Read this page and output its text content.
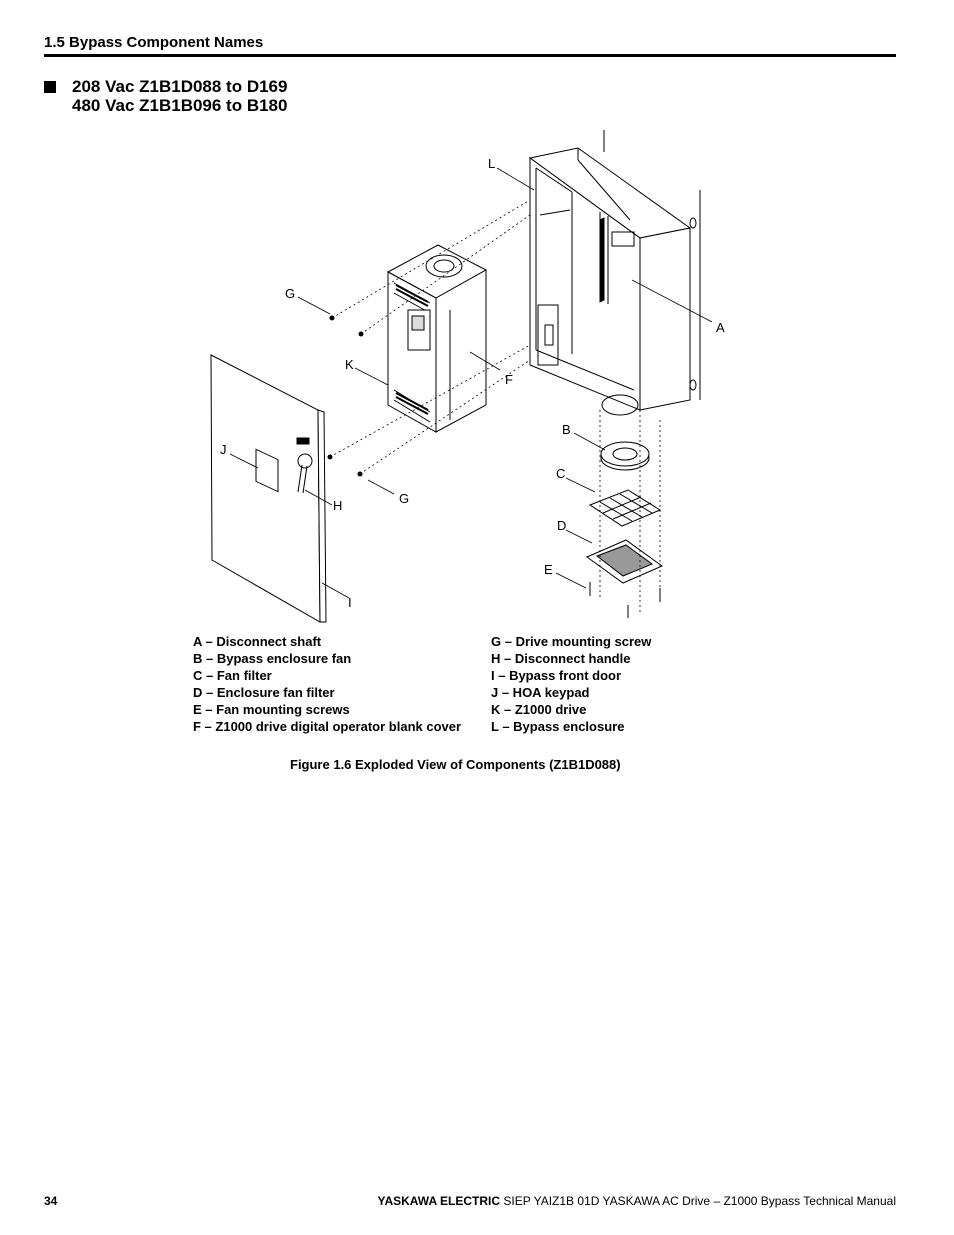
1.5 Bypass Component Names
208 Vac Z1B1D088 to D169
480 Vac Z1B1B096 to B180
L
A
G
K
F
B
J
C
G
H
D
E
I
A – Disconnect shaft
B – Bypass enclosure fan
C – Fan filter
D – Enclosure fan filter
E – Fan mounting screws
F – Z1000 drive digital operator blank cover
G – Drive mounting screw
H – Disconnect handle
I – Bypass front door
J – HOA keypad
K – Z1000 drive
L – Bypass enclosure
Figure 1.6 Exploded View of Components (Z1B1D088)
34	YASKAWA ELECTRIC SIEP YAIZ1B 01D YASKAWA AC Drive – Z1000 Bypass Technical Manual
